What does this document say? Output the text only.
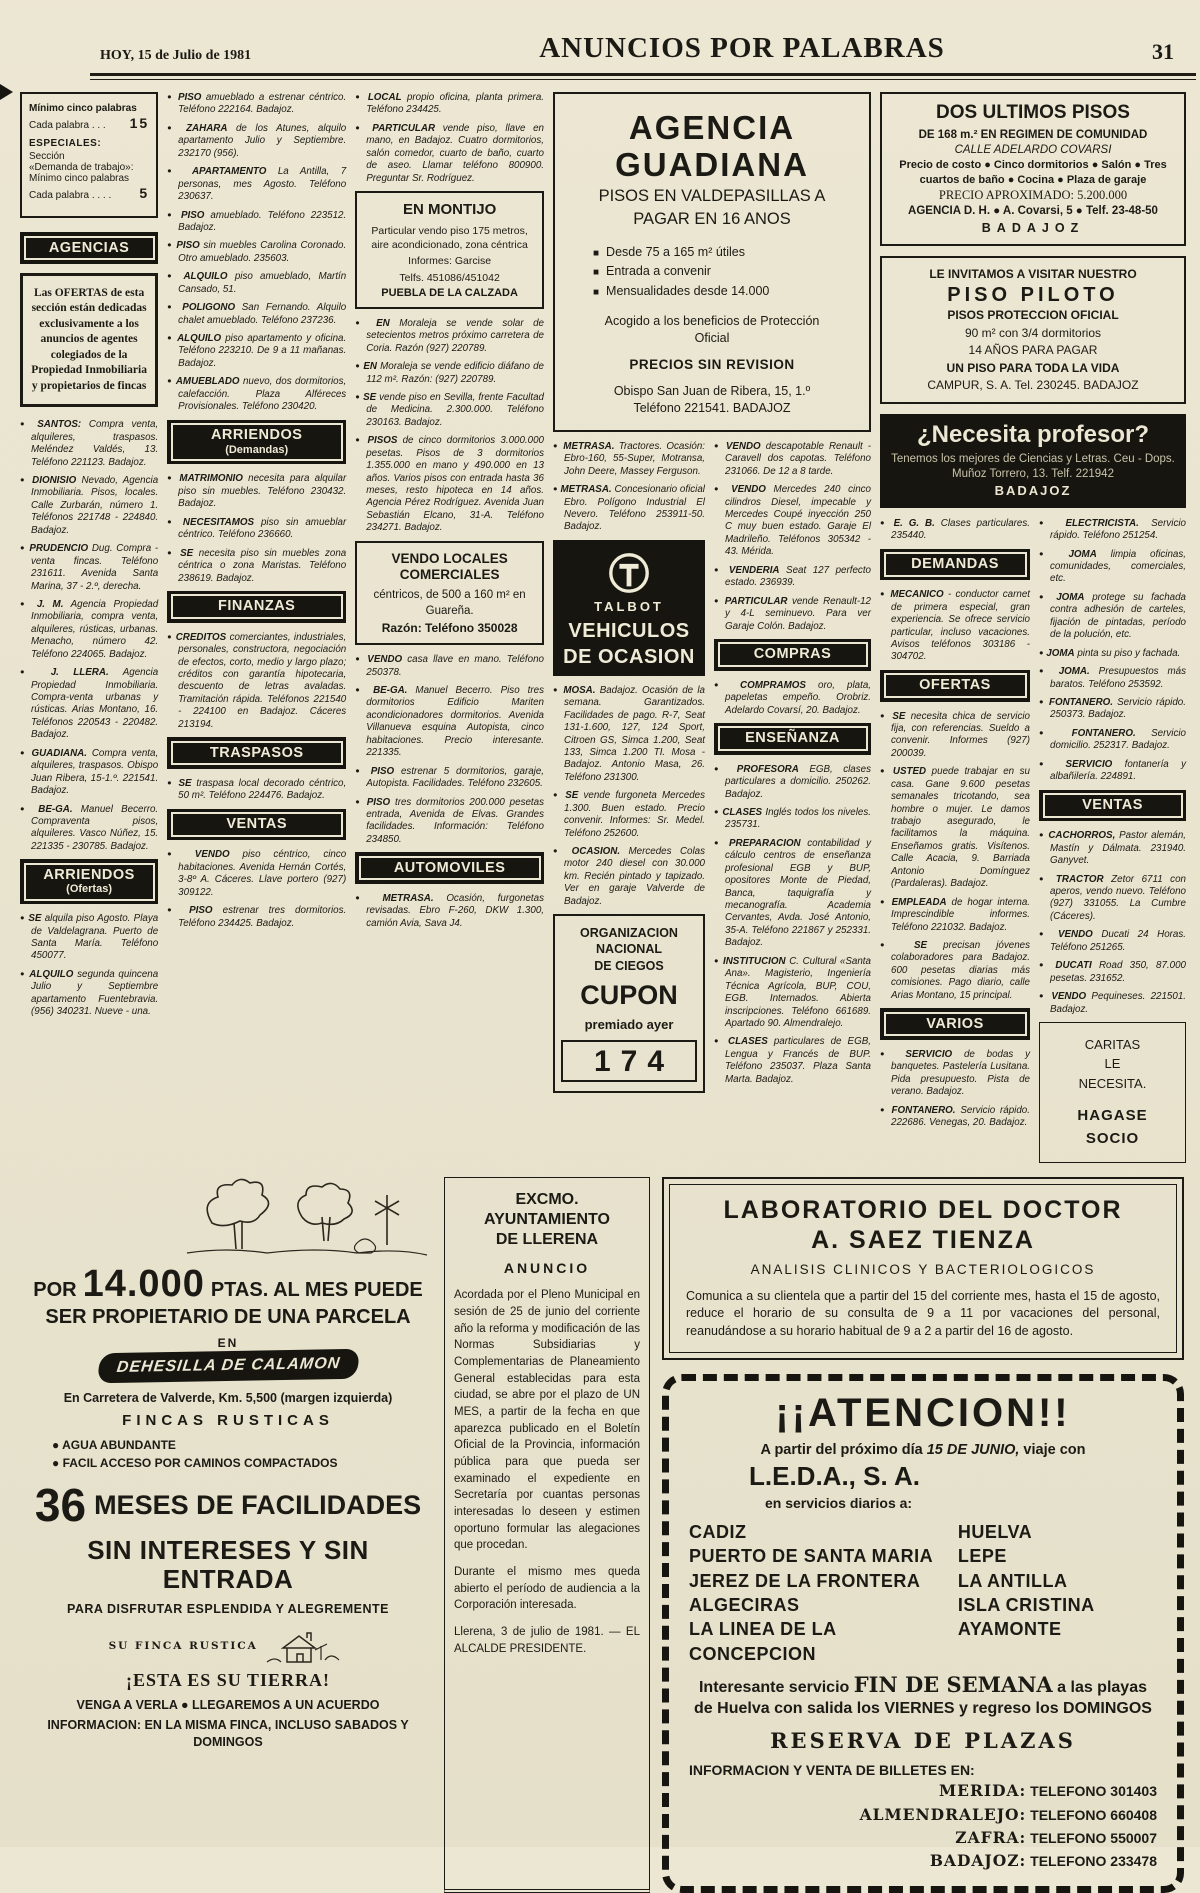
HOY, 15 de Julio de 1981	ANUNCIOS POR PALABRAS	31
Mínimo cinco palabras
Cada palabra . . . 15
ESPECIALES:
Sección
«Demanda de trabajo»:
Mínimo cinco palabras
Cada palabra . . . . 5
AGENCIAS
Las OFERTAS de esta sección están dedicadas exclusivamente a los anuncios de agentes colegiados de la Propiedad Inmobiliaria y propietarios de fincas

● SANTOS: Compra venta, alquileres, traspasos. Meléndez Valdés, 13. Teléfono 221123. Badajoz.

● DIONISIO Nevado, Agencia Inmobiliaria. Pisos, locales. Calle Zurbarán, número 1. Teléfonos 221748 - 224840. Badajoz.

● PRUDENCIO Dug. Compra - venta fincas. Teléfono 231611. Avenida Santa Marina, 37 - 2.º, derecha.

● J. M. Agencia Propiedad Inmobiliaria, compra venta, alquileres, rústicas, urbanas. Menacho, número 42. Teléfono 224065. Badajoz.

● J. LLERA. Agencia Propiedad Inmobiliaria. Compra-venta urbanas y rústicas. Arias Montano, 16. Teléfonos 220543 - 220482. Badajoz.

● GUADIANA. Compra venta, alquileres, traspasos. Obispo Juan Ribera, 15-1.º. 221541. Badajoz.

● BE-GA. Manuel Becerro. Compraventa pisos, alquileres. Vasco Núñez, 15. 221335 - 230785. Badajoz.

ARRIENDOS
(Ofertas)

● SE alquila piso Agosto. Playa de Valdelagrana. Puerto de Santa María. Teléfono 450077.

● ALQUILO segunda quincena Julio y Septiembre apartamento Fuentebravia. (956) 340231. Nueve - una.

● PISO amueblado a estrenar céntrico. Teléfono 222164. Badajoz.

● ZAHARA de los Atunes, alquilo apartamento Julio y Septiembre. 232170 (956).

● APARTAMENTO La Antilla, 7 personas, mes Agosto. Teléfono 230637.

● PISO amueblado. Teléfono 223512. Badajoz.

● PISO sin muebles Carolina Coronado. Otro amueblado. 235603.

● ALQUILO piso amueblado, Martín Cansado, 51.

● POLIGONO San Fernando. Alquilo chalet amueblado. Teléfono 237236.

● ALQUILO piso apartamento y oficina. Teléfono 223210. De 9 a 11 mañanas. Badajoz.

● AMUEBLADO nuevo, dos dormitorios, calefacción. Plaza Alféreces Provisionales. Teléfono 230420.

ARRIENDOS
(Demandas)

● MATRIMONIO necesita para alquilar piso sin muebles. Teléfono 230432. Badajoz.

● NECESITAMOS piso sin amueblar céntrico. Teléfono 236660.

● SE necesita piso sin muebles zona céntrica o zona Maristas. Teléfono 238619. Badajoz.

FINANZAS

● CREDITOS comerciantes, industriales, personales, constructora, negociación de efectos, corto, medio y largo plazo; créditos con garantía hipotecaria, descuento de letras avaladas. Tramitación rápida. Teléfonos 221540 - 224100 en Badajoz. Cáceres 213194.

TRASPASOS

● SE traspasa local decorado céntrico, 50 m². Teléfono 224476. Badajoz.

VENTAS

● VENDO piso céntrico, cinco habitaciones. Avenida Hernán Cortés, 3-8º A. Cáceres. Llave portero (927) 309122.

● PISO estrenar tres dormitorios. Teléfono 234425. Badajoz.

● LOCAL propio oficina, planta primera. Teléfono 234425.

● PARTICULAR vende piso, llave en mano, en Badajoz. Cuatro dormitorios, salón comedor, cuarto de baño, cuarto de aseo. Llamar teléfono 800900. Preguntar Sr. Rodríguez.

EN MONTIJO
Particular vendo piso 175 metros, aire acondicionado, zona céntrica
Informes: Garcise
Telfs. 451086/451042
PUEBLA DE LA CALZADA

● EN Moraleja se vende solar de setecientos metros próximo carretera de Coria. Razón (927) 220789.

● EN Moraleja se vende edificio diáfano de 112 m². Razón: (927) 220789.

● SE vende piso en Sevilla, frente Facultad de Medicina. 2.300.000. Teléfono 230163. Badajoz.

● PISOS de cinco dormitorios 3.000.000 pesetas. Pisos de 3 dormitorios 1.355.000 en mano y 490.000 en 13 años. Varios pisos con entrada hasta 36 meses, resto hipoteca en 14 años. Agencia Pérez Rodríguez. Avenida Juan Sebastián Elcano, 31-A. Teléfono 234271. Badajoz.

VENDO LOCALES COMERCIALES
céntricos, de 500 a 160 m² en Guareña.
Razón: Teléfono 350028

● VENDO casa llave en mano. Teléfono 250378.

● BE-GA. Manuel Becerro. Piso tres dormitorios Edificio Mariten acondicionadores dormitorios. Avenida Villanueva esquina Autopista, cinco habitaciones. Precio interesante. 221335.

● PISO estrenar 5 dormitorios, garaje, Autopista. Facilidades. Teléfono 232605.

● PISO tres dormitorios 200.000 pesetas entrada, Avenida de Elvas. Grandes facilidades. Información: Teléfono 234850.

AUTOMOVILES

● METRASA. Ocasión, furgonetas revisadas. Ebro F-260, DKW 1.300, camión Avia, Sava J4.

AGENCIA
GUADIANA
PISOS EN VALDEPASILLAS A
PAGAR EN 16 ANOS
■ Desde 75 a 165 m² útiles
■ Entrada a convenir
■ Mensualidades desde 14.000
Acogido a los beneficios de Protección
Oficial
PRECIOS SIN REVISION
Obispo San Juan de Ribera, 15, 1.º
Teléfono 221541. BADAJOZ

● METRASA. Tractores. Ocasión: Ebro-160, 55-Super, Motransa, John Deere, Massey Ferguson.

● METRASA. Concesionario oficial Ebro. Polígono Industrial El Nevero. Teléfono 253911-50. Badajoz.

TALBOT
VEHICULOS
DE OCASION

● MOSA. Badajoz. Ocasión de la semana. Garantizados. Facilidades de pago. R-7, Seat 131-1.600, 127, 124 Sport, Citroen GS, Simca 1.200, Seat 133, Simca 1.200 TI. Mosa - Badajoz. Antonio Masa, 26. Teléfono 231300.

● SE vende furgoneta Mercedes 1.300. Buen estado. Precio convenir. Informes: Sr. Medel. Teléfono 252600.

● OCASION. Mercedes Colas motor 240 diesel con 30.000 km. Recién pintado y tapizado. Ver en garaje Valverde de Badajoz.

ORGANIZACION
NACIONAL
DE CIEGOS
CUPON
premiado ayer
174

● VENDO descapotable Renault - Caravell dos capotas. Teléfono 231066. De 12 a 8 tarde.

● VENDO Mercedes 240 cinco cilindros Diesel, impecable y Mercedes Coupé inyección 250 C muy buen estado. Garaje El Madrileño. Teléfonos 305342 - 43. Mérida.

● VENDERIA Seat 127 perfecto estado. 236939.

● PARTICULAR vende Renault-12 y 4-L seminuevo. Para ver Garaje Colón. Badajoz.

COMPRAS

● COMPRAMOS oro, plata, papeletas empeño. Orobriz. Adelardo Covarsí, 20. Badajoz.

ENSEÑANZA

● PROFESORA EGB, clases particulares a domicilio. 250262. Badajoz.

● CLASES Inglés todos los niveles. 235731.

● PREPARACION contabilidad y cálculo centros de enseñanza profesional EGB y BUP, opositores Monte de Piedad, Banca, taquigrafía y mecanografía. Academia Cervantes, Avda. José Antonio, 35-A. Teléfono 221867 y 252331. Badajoz.

● INSTITUCION C. Cultural «Santa Ana». Magisterio, Ingeniería Técnica Agrícola, BUP, COU, EGB. Internados. Abierta inscripciones. Teléfono 661689. Apartado 90. Almendralejo.

● CLASES particulares de EGB, Lengua y Francés de BUP. Teléfono 235037. Plaza Santa Marta. Badajoz.

DOS ULTIMOS PISOS
DE 168 m.² EN REGIMEN DE COMUNIDAD
CALLE ADELARDO COVARSI
Precio de costo ● Cinco dormitorios ● Salón ● Tres
cuartos de baño ● Cocina ● Plaza de garaje
PRECIO APROXIMADO: 5.200.000
AGENCIA D. H. ● A. Covarsi, 5 ● Telf. 23-48-50
BADAJOZ
LE INVITAMOS A VISITAR NUESTRO
PISO PILOTO
PISOS PROTECCION OFICIAL
90 m² con 3/4 dormitorios
14 AÑOS PARA PAGAR
UN PISO PARA TODA LA VIDA
CAMPUR, S. A. Tel. 230245. BADAJOZ
¿Necesita profesor?
Tenemos los mejores de Ciencias y Letras. Ceu - Dops. Muñoz Torrero, 13. Telf. 221942
BADAJOZ

● E. G. B. Clases particulares. 235440.

DEMANDAS

● MECANICO - conductor carnet de primera especial, gran experiencia. Se ofrece servicio particular, incluso vacaciones. Avisos teléfonos 303186 - 304702.

OFERTAS

● SE necesita chica de servicio fija, con referencias. Sueldo a convenir. Informes (927) 200039.

● USTED puede trabajar en su casa. Gane 9.600 pesetas semanales tricotando, sea hombre o mujer. Le damos trabajo asegurado, le facilitamos la máquina. Enseñamos gratis. Visítenos. Calle Acacia, 9. Barriada Antonio Domínguez (Pardaleras). Badajoz.

● EMPLEADA de hogar interna. Imprescindible informes. Teléfono 221032. Badajoz.

● SE precisan jóvenes colaboradores para Badajoz. 600 pesetas diarias más comisiones. Pago diario, calle Arias Montano, 15 principal.

VARIOS

● SERVICIO de bodas y banquetes. Pastelería Lusitana. Pida presupuesto. Pista de verano. Badajoz.

● FONTANERO. Servicio rápido. 222686. Venegas, 20. Badajoz.

● ELECTRICISTA. Servicio rápido. Teléfono 251254.

● JOMA limpia oficinas, comunidades, comerciales, etc.

● JOMA protege su fachada contra adhesión de carteles, fijación de pintadas, período de la polución, etc.

● JOMA pinta su piso y fachada.

● JOMA. Presupuestos más baratos. Teléfono 253592.

● FONTANERO. Servicio rápido. 250373. Badajoz.

● FONTANERO. Servicio domicilio. 252317. Badajoz.

● SERVICIO fontanería y albañilería. 224891.

VENTAS

● CACHORROS, Pastor alemán, Mastín y Dálmata. 231940. Ganyvet.

● TRACTOR Zetor 6711 con aperos, vendo nuevo. Teléfono (927) 331055. La Cumbre (Cáceres).

● VENDO Ducati 24 Horas. Teléfono 251265.

● DUCATI Road 350, 87.000 pesetas. 231652.

● VENDO Pequineses. 221501. Badajoz.

CARITAS
LE
NECESITA.
HAGASE
SOCIO
POR 14.000 PTAS. AL MES PUEDE
SER PROPIETARIO DE UNA PARCELA
EN
DEHESILLA DE CALAMON
En Carretera de Valverde, Km. 5,500 (margen izquierda)
FINCAS RUSTICAS
● AGUA ABUNDANTE
● FACIL ACCESO POR CAMINOS COMPACTADOS
36 MESES DE FACILIDADES
SIN INTERESES Y SIN ENTRADA
PARA DISFRUTAR ESPLENDIDA Y ALEGREMENTE
SU FINCA RUSTICA
¡ESTA ES SU TIERRA!
VENGA A VERLA ● LLEGAREMOS A UN ACUERDO
INFORMACION: EN LA MISMA FINCA, INCLUSO SABADOS Y DOMINGOS
EXCMO.
AYUNTAMIENTO
DE LLERENA
ANUNCIO

Acordada por el Pleno Municipal en sesión de 25 de junio del corriente año la reforma y modificación de las Normas Subsidiarias y Complementarias de Planeamiento General establecidas para esta ciudad, se abre por el plazo de UN MES, a partir de la fecha en que aparezca publicado en el Boletín Oficial de la Provincia, información pública para que pueda ser examinado el expediente en Secretaría por cuantas personas interesadas lo deseen y estimen oportuno formular las alegaciones que procedan.

Durante el mismo mes queda abierto el período de audiencia a la Corporación interesada.

Llerena, 3 de julio de 1981. — EL ALCALDE PRESIDENTE.

LABORATORIO DEL DOCTOR
A. SAEZ TIENZA
ANALISIS CLINICOS Y BACTERIOLOGICOS
Comunica a su clientela que a partir del 15 del corriente mes, hasta el 15 de agosto, reduce el horario de su consulta de 9 a 11 por vacaciones del personal, reanudándose a su horario habitual de 9 a 2 a partir del 16 de agosto.
¡¡ATENCION!!
A partir del próximo día 15 DE JUNIO, viaje con
L.E.D.A., S. A.
en servicios diarios a:
CADIZ
PUERTO DE SANTA MARIA
JEREZ DE LA FRONTERA
ALGECIRAS
LA LINEA DE LA CONCEPCION
HUELVA
LEPE
LA ANTILLA
ISLA CRISTINA
AYAMONTE
Interesante servicio FIN DE SEMANA a las playas de Huelva con salida los VIERNES y regreso los DOMINGOS
RESERVA DE PLAZAS
INFORMACION Y VENTA DE BILLETES EN:
MERIDA: TELEFONO 301403
ALMENDRALEJO: TELEFONO 660408
ZAFRA: TELEFONO 550007
BADAJOZ: TELEFONO 233478
